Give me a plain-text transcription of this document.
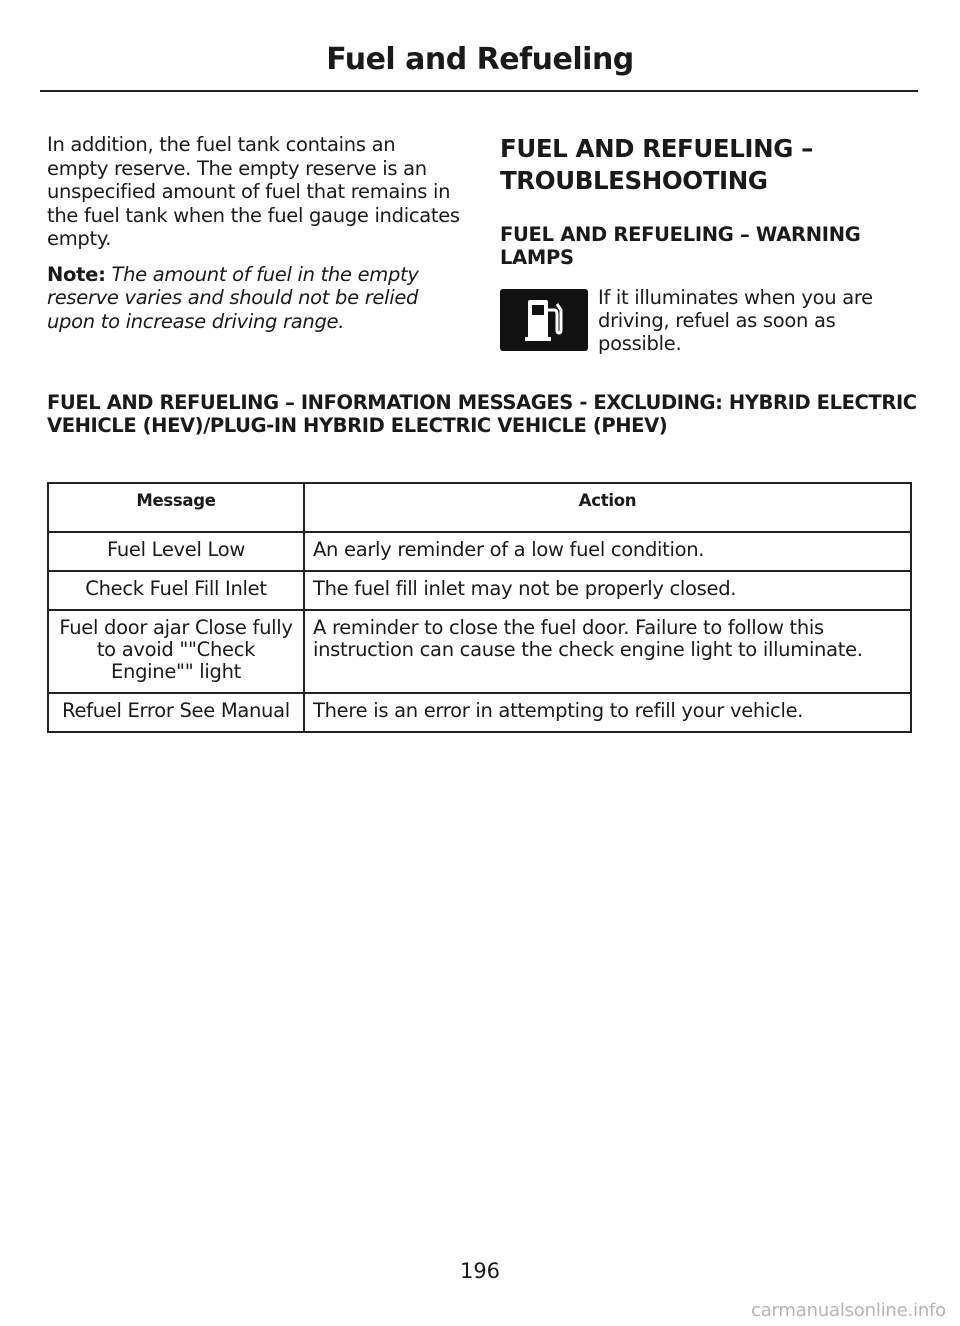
Fuel and Refueling

In addition, the fuel tank contains an empty reserve. The empty reserve is an unspecified amount of fuel that remains in the fuel tank when the fuel gauge indicates empty.

Note: The amount of fuel in the empty reserve varies and should not be relied upon to increase driving range.

FUEL AND REFUELING –
TROUBLESHOOTING
FUEL AND REFUELING – WARNING LAMPS
If it illuminates when you are driving, refuel as soon as possible.
FUEL AND REFUELING – INFORMATION MESSAGES - EXCLUDING: HYBRID ELECTRIC VEHICLE (HEV)/PLUG-IN HYBRID ELECTRIC VEHICLE (PHEV)
Message	Action
Fuel Level Low	An early reminder of a low fuel condition.
Check Fuel Fill Inlet	The fuel fill inlet may not be properly closed.
Fuel door ajar Close fully to avoid ""Check Engine"" light	A reminder to close the fuel door. Failure to follow this instruction can cause the check engine light to illuminate.
Refuel Error See Manual	There is an error in attempting to refill your vehicle.
196
carmanualsonline.info
